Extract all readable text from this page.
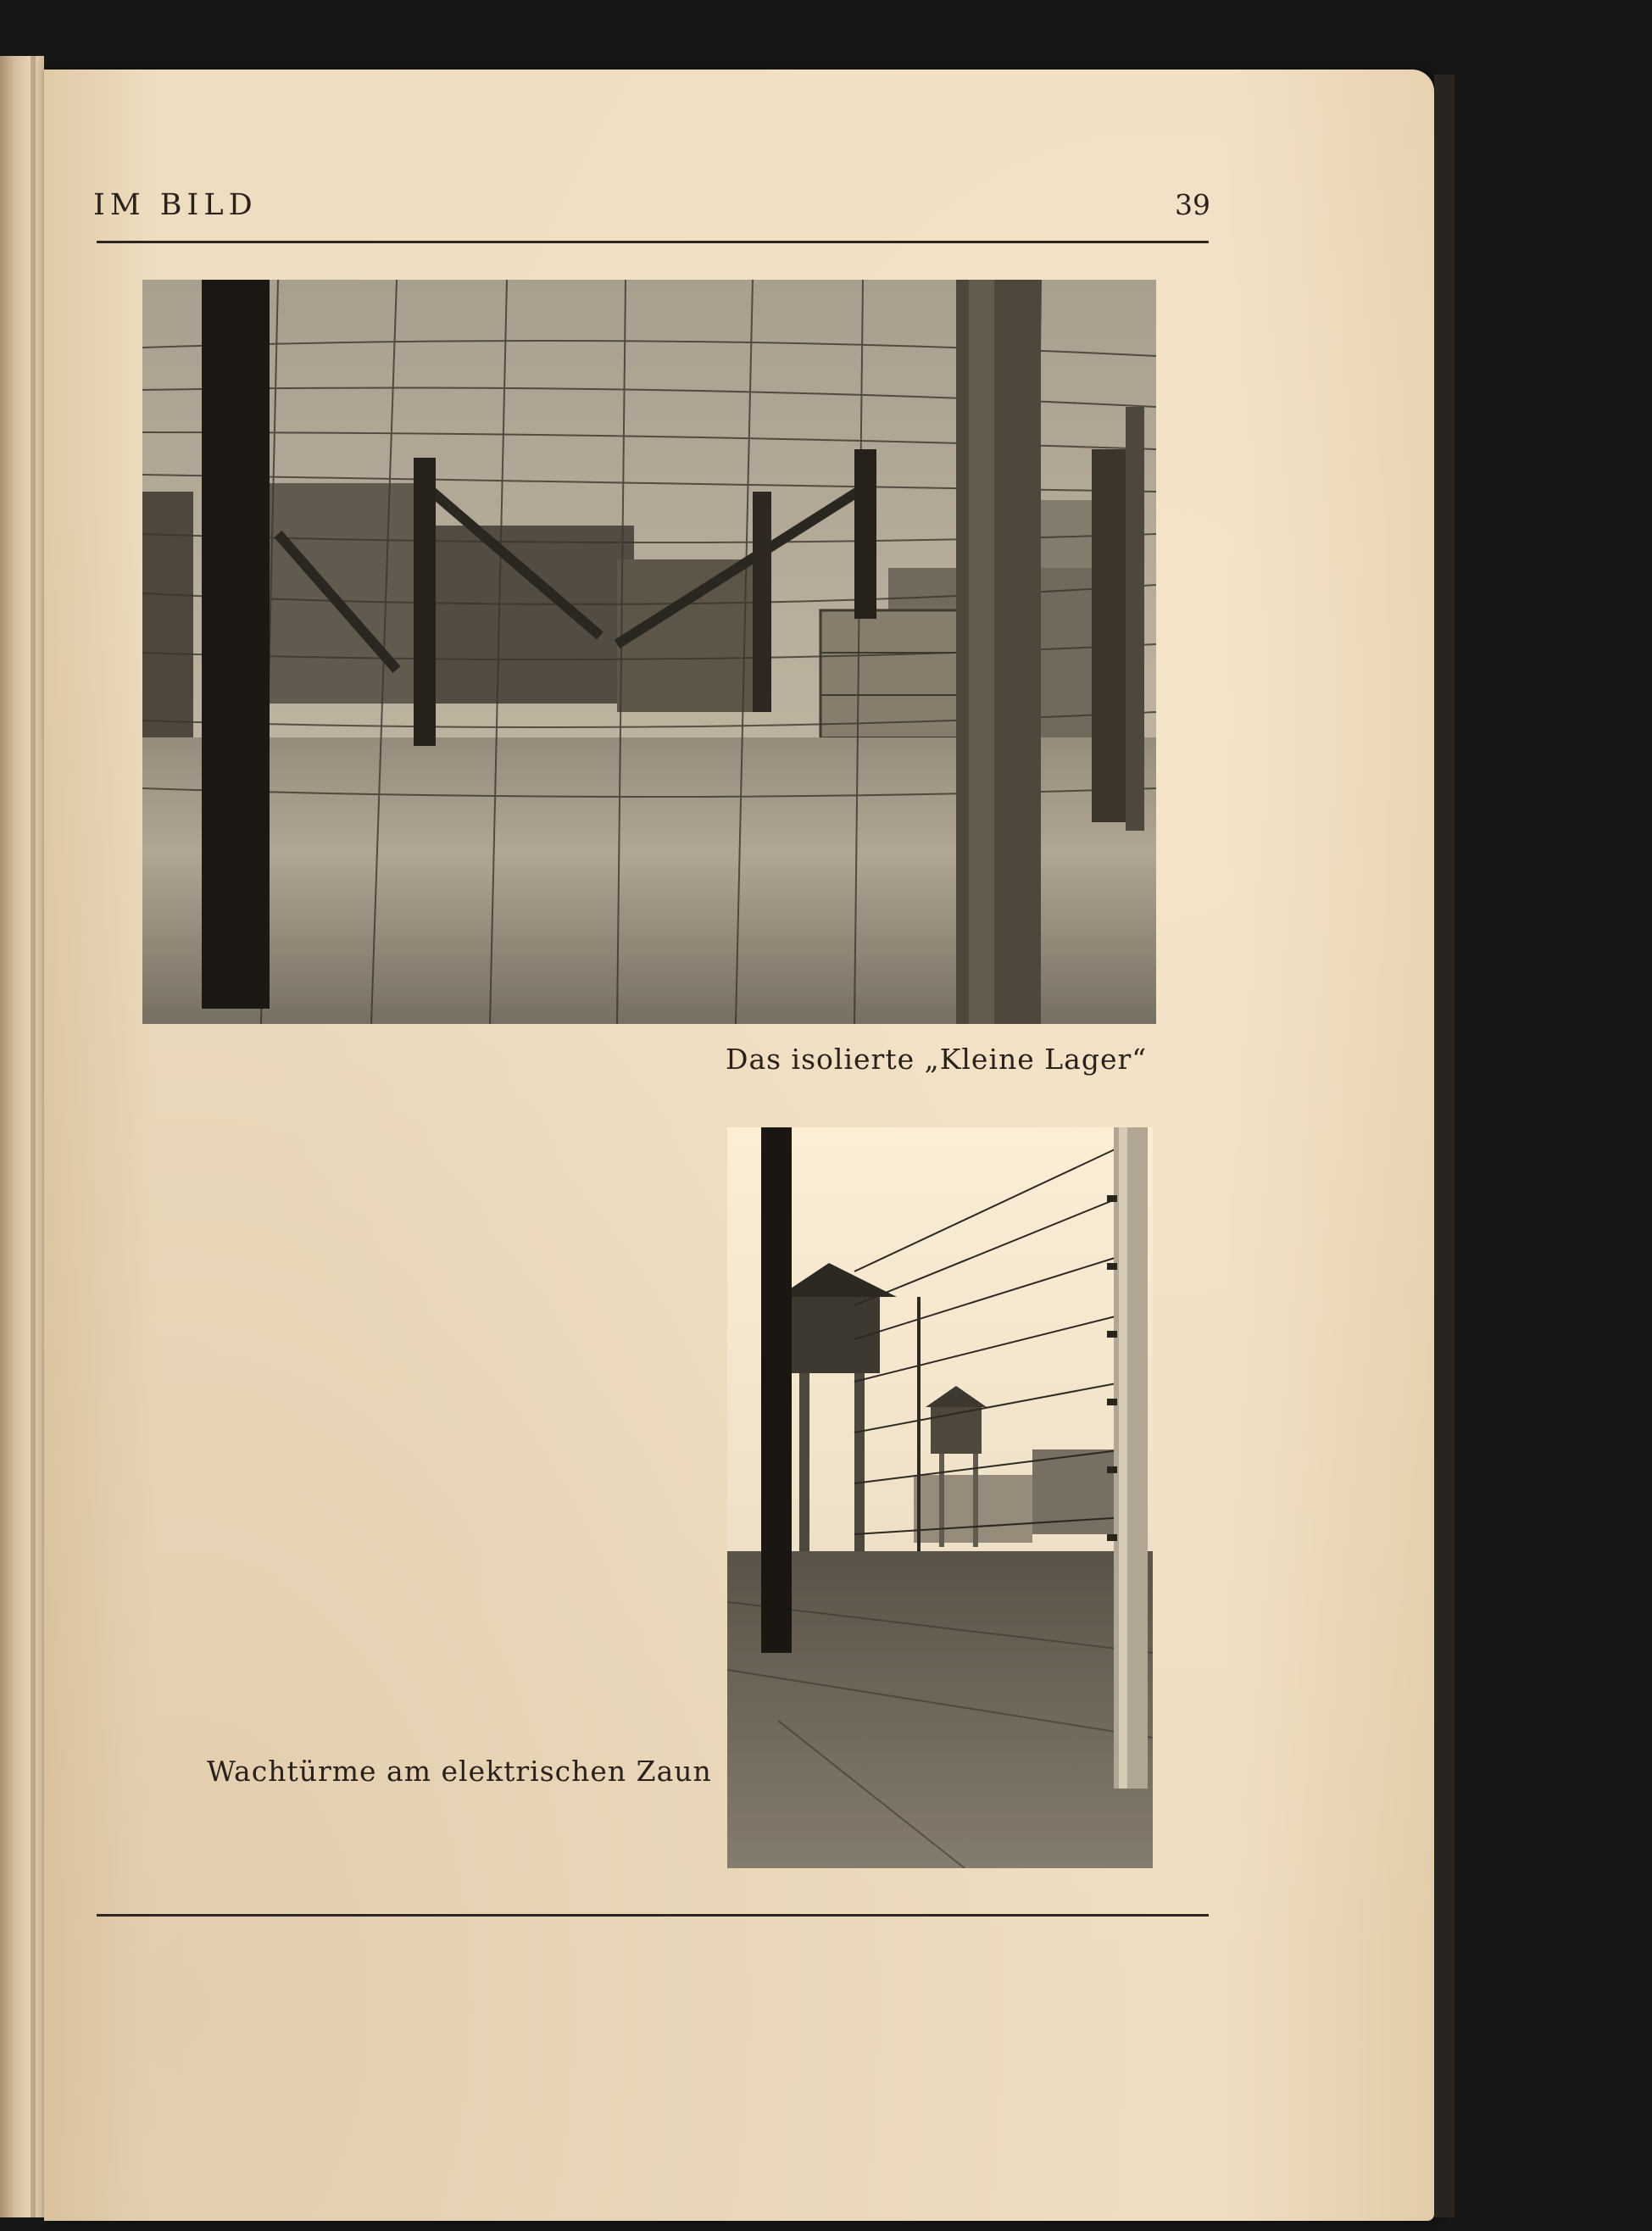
IM BILD	39
Das isolierte „Kleine Lager“
Wachtürme am elektrischen Zaun
